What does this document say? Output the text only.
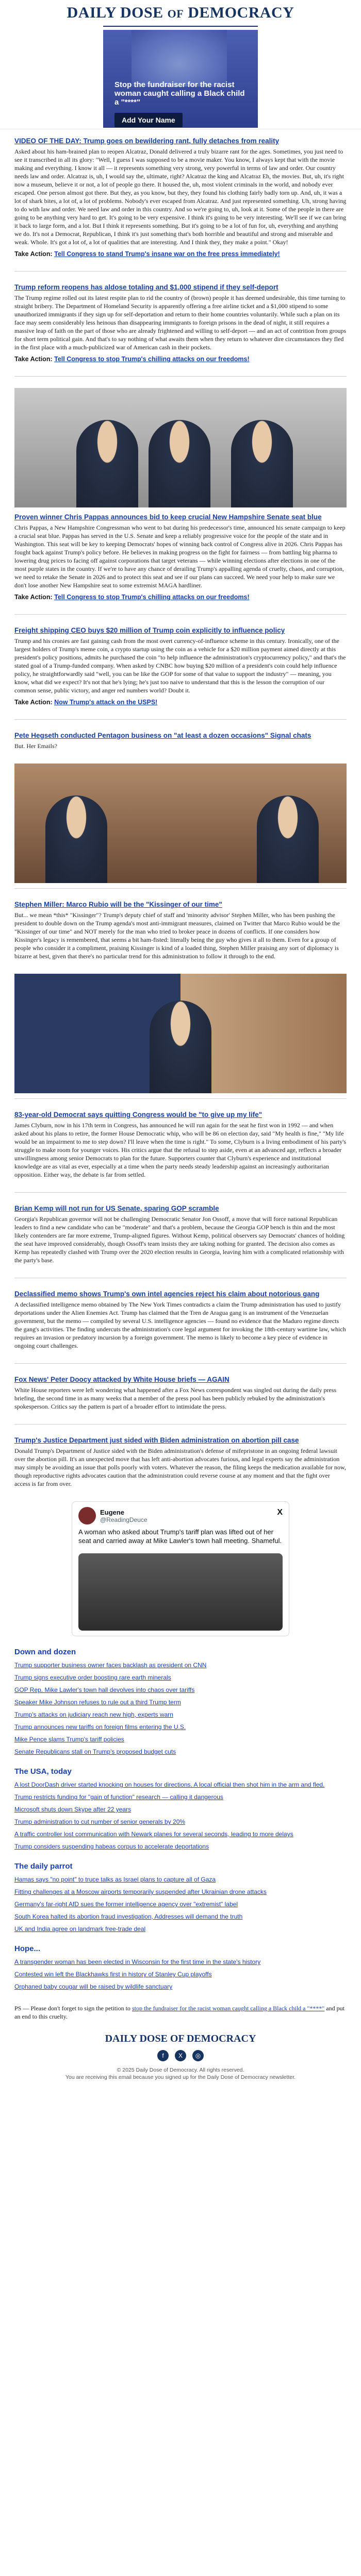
DAILY DOSE OF DEMOCRACY
Stop the fundraiser for the racist woman caught calling a Black child a "****"
Add Your Name
VIDEO OF THE DAY: Trump goes on bewildering rant, fully detaches from reality

Asked about his ham-brained plan to reopen Alcatraz, Donald delivered a truly bizarre rant for the ages. Sometimes, you just need to see it transcribed in all its glory: "Well, I guess I was supposed to be a movie maker. You know, I always kept that with the movie making and everything. I know it all — it represents something very strong, very powerful in terms of law and order. Our country needs law and order. Alcatraz is, uh, I would say the, ultimate, right? Alcatraz the king and Alcatraz Eh, the movies. But, uh, it's right now a museum, believe it or not, a lot of people go there. It housed the, uh, most violent criminals in the world, and nobody ever escaped. One person almost got there. But they, as you know, but they, they found his clothing fairly badly torn up. And, uh, it was a lot of shark bites, a lot of, a lot of problems. Nobody's ever escaped from Alcatraz. And just represented something. Uh, strong having to do with law and order. We need law and order in this country. And so we're going to, uh, look at it. Some of the people in there are going to be anything very hard to get. It's going to be very expensive. I think it's going to be very interesting. We'll see if we can bring it back to large form, and a lot. But I think it represents something. But it's going to be a lot of fun for, uh, everything and anything we do. It's not a Democrat, Republican, I think it's just something that's both horrible and beautiful and strong and miserable and weak. Whole. It's got a lot of, a lot of qualities that are interesting. And I think they, they make a point." Okay!

Take Action: Tell Congress to stand Trump's insane war on the free press immediately!
Trump reform reopens has aldose totaling and $1,000 stipend if they self-deport

The Trump regime rolled out its latest respite plan to rid the country of (brown) people it has deemed undesirable, this time turning to straight bribery. The Department of Homeland Security is apparently offering a free airline ticket and a $1,000 stipend to some unauthorized immigrants if they sign up for self-deportation and return to their home countries voluntarily. While such a plan on its face may seem considerably less heinous than disappearing immigrants to foreign prisons in the dead of night, it still requires a massive leap of faith on the part of those who are already frightened and willing to self-deport — and an act of contrition from groups for short term political gain. And that's to say nothing of what awaits them when they return to whatever dire circumstances they fled in the first place with a much-publicized war of American cash in their pockets.

Take Action: Tell Congress to stop Trump's chilling attacks on our freedoms!
Proven winner Chris Pappas announces bid to keep crucial New Hampshire Senate seat blue

Chris Pappas, a New Hampshire Congressman who went to bat during his predecessor's time, announced his senate campaign to keep a crucial seat blue. Pappas has served in the U.S. Senate and keep a reliably progressive voice for the people of the state and in Washington. This seat will be key to keeping Democrats' hopes of winning back control of Congress alive in 2026. Chris Pappas has fought back against Trump's policy before. He believes in making progress on the fight for fairness — from battling big pharma to lowering drug prices to facing off against corporations that target veterans — while winning elections after elections in one of the most purple states in the country. If we're to have any chance of derailing Trump's appalling agenda of cruelty, chaos, and corruption, we need to retake the Senate in 2026 and to protect this seat and see if our plans can succeed. We need your help to make sure we don't lose another New Hampshire seat to some extremist MAGA hardliner.

Take Action: Tell Congress to stop Trump's chilling attacks on our freedoms!
Freight shipping CEO buys $20 million of Trump coin explicitly to influence policy

Trump and his cronies are fast gaining cash from the most overt currency-of-influence scheme in this century. Ironically, one of the largest holders of Trump's meme coin, a crypto startup using the coin as a vehicle for a $20 million payment aimed directly at this president's policy positions, admits he purchased the coin "to help influence the administration's cryptocurrency policy," and that's the stated goal of a Trump-funded company. When asked by CNBC how buying $20 million of a president's coin could help influence policy, he straightforwardly said "well, you can be like the GOP for some of that value to support the industry" — meaning, you know, what did we expect? It's not that he's lying; he's just too naive to understand that this is the lesson the corruption of our common sense, public victory, and anger red numbers world? Doubt it.

Take Action: Now Trump's attack on the USPS!
Pete Hegseth conducted Pentagon business on "at least a dozen occasions" Signal chats

But. Her Emails?

Stephen Miller: Marco Rubio will be the "Kissinger of our time"

But... we mean *this* "Kissinger"? Trump's deputy chief of staff and 'minority advisor' Stephen Miller, who has been pushing the president to double down on the Trump agenda's most anti-immigrant measures, claimed on Twitter that Marco Rubio would be the "Kissinger of our time" and NOT merely for the man who tried to broker peace in dozens of conflicts. If one considers how Kissinger's legacy is remembered, that seems a bit ham-fisted: literally being the guy who gives it all to them. Even for a group of people who consider it a compliment, praising Kissinger is kind of a loaded thing, Stephen Miller praising any sort of diplomacy is bizarre at best, given that there's no particular trend for this administration to follow it through to the end.

83-year-old Democrat says quitting Congress would be "to give up my life"

James Clyburn, now in his 17th term in Congress, has announced he will run again for the seat he first won in 1992 — and when asked about his plans to retire, the former House Democratic whip, who will be 86 on election day, said "My health is fine," "My life would be an impairment to me to step down? I'll leave when the time is right." To some, Clyburn is a living embodiment of his party's struggle to make room for younger voices. His critics argue that the refusal to step aside, even at an advanced age, reflects a broader unwillingness among senior Democrats to plan for the future. Supporters counter that Clyburn's experience and institutional knowledge are as vital as ever, especially at a time when the party needs steady leadership against an increasingly authoritarian opposition. Either way, the debate is far from settled.

Brian Kemp will not run for US Senate, sparing GOP scramble

Georgia's Republican governor will not be challenging Democratic Senator Jon Ossoff, a move that will force national Republican leaders to find a new candidate who can be "moderate" and that's a problem, because the Georgia GOP bench is thin and the most likely contenders are far more extreme, Trump-aligned figures. Without Kemp, political observers say Democrats' chances of holding the seat have improved considerably, though Ossoff's team insists they are taking nothing for granted. The decision also comes as Kemp has repeatedly clashed with Trump over the 2020 election results in Georgia, leaving him with a complicated relationship with the party's base.

Declassified memo shows Trump's own intel agencies reject his claim about notorious gang

A declassified intelligence memo obtained by The New York Times contradicts a claim the Trump administration has used to justify deportations under the Alien Enemies Act. Trump has claimed that the Tren de Aragua gang is an instrument of the Venezuelan government, but the memo — compiled by several U.S. intelligence agencies — found no evidence that the Maduro regime directs the gang's activities. The finding undercuts the administration's core legal argument for invoking the 18th-century wartime law, which requires an invasion or predatory incursion by a foreign government. The memo is likely to become a key piece of evidence in ongoing court challenges.

Fox News' Peter Doocy attacked by White House briefs — AGAIN

White House reporters were left wondering what happened after a Fox News correspondent was singled out during the daily press briefing, the second time in as many weeks that a member of the press pool has been publicly rebuked by the administration's spokesperson. Critics say the pattern is part of a broader effort to intimidate the press.

Trump's Justice Department just sided with Biden administration on abortion pill case

Donald Trump's Department of Justice sided with the Biden administration's defense of mifepristone in an ongoing federal lawsuit over the abortion pill. It's an unexpected move that has left anti-abortion advocates furious, and legal experts say the administration may simply be avoiding an issue that polls poorly with voters. Whatever the reason, the filing keeps the medication available for now, though reproductive rights advocates caution that the administration could reverse course at any moment and that the fight over access is far from over.

Eugene
@ReadingDeuce
X
A woman who asked about Trump's tariff plan was lifted out of her seat and carried away at Mike Lawler's town hall meeting. Shameful.
Down and dozen
Trump supporter business owner faces backlash as president on CNN
Trump signs executive order boosting rare earth minerals
GOP Rep. Mike Lawler's town hall devolves into chaos over tariffs
Speaker Mike Johnson refuses to rule out a third Trump term
Trump's attacks on judiciary reach new high, experts warn
Trump announces new tariffs on foreign films entering the U.S.
Mike Pence slams Trump's tariff policies
Senate Republicans stall on Trump's proposed budget cuts
The USA, today
A lost DoorDash driver started knocking on houses for directions. A local official then shot him in the arm and fled.
Trump restricts funding for "gain of function" research — calling it dangerous
Microsoft shuts down Skype after 22 years
Trump administration to cut number of senior generals by 20%
A traffic controller lost communication with Newark planes for several seconds, leading to more delays
Trump considers suspending habeas corpus to accelerate deportations
The daily parrot
Hamas says "no point" to truce talks as Israel plans to capture all of Gaza
Fitting challenges at a Moscow airports temporarily suspended after Ukrainian drone attacks
Germany's far-right AfD sues the former intelligence agency over "extremist" label
South Korea halted its abortion fraud investigation, Addresses will demand the truth
UK and India agree on landmark free-trade deal
Hope...
A transgender woman has been elected in Wisconsin for the first time in the state's history
Contested win left the Blackhawks first in history of Stanley Cup playoffs
Orphaned baby cougar will be raised by wildlife sanctuary
PS — Please don't forget to sign the petition to stop the fundraiser for the racist woman caught calling a Black child a "****" and put an end to this cruelty.
DAILY DOSE OF DEMOCRACY
f X ◎
© 2025 Daily Dose of Democracy. All rights reserved.
You are receiving this email because you signed up for the Daily Dose of Democracy newsletter.
